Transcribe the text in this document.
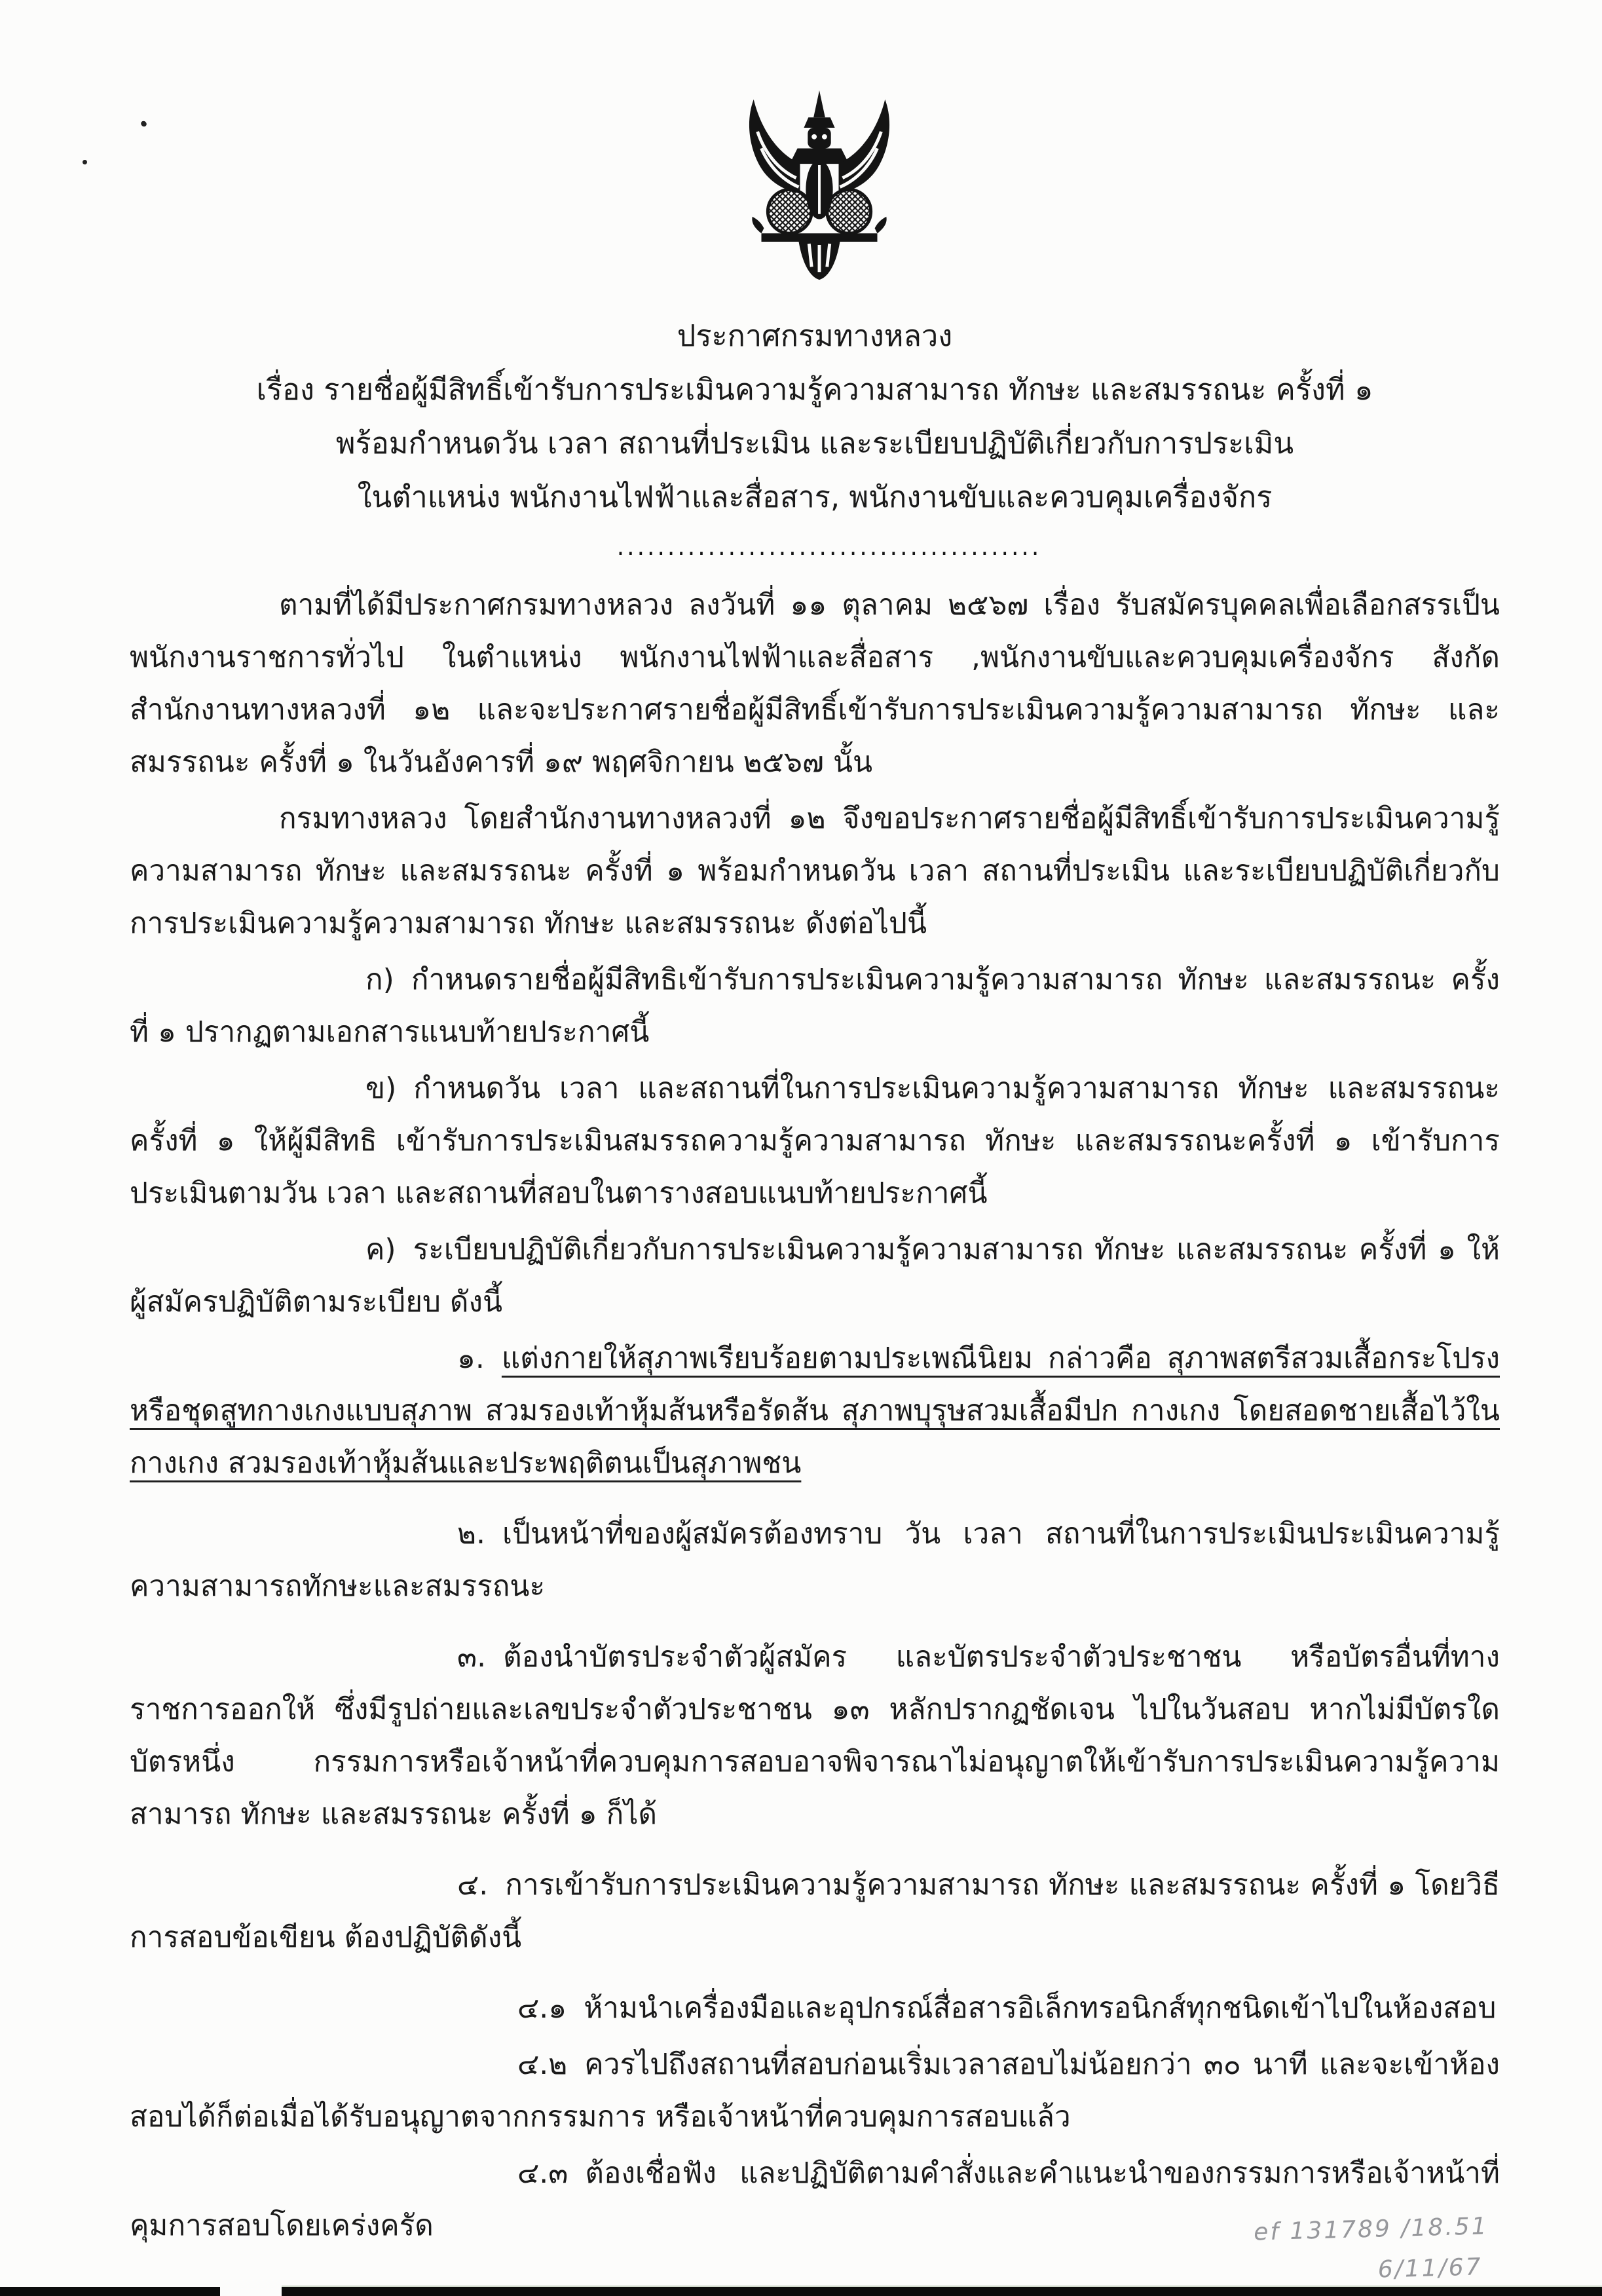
ประกาศกรมทางหลวง
เรื่อง รายชื่อผู้มีสิทธิ์เข้ารับการประเมินความรู้ความสามารถ ทักษะ และสมรรถนะ ครั้งที่ ๑
พร้อมกำหนดวัน เวลา สถานที่ประเมิน และระเบียบปฏิบัติเกี่ยวกับการประเมิน
ในตำแหน่ง พนักงานไฟฟ้าและสื่อสาร, พนักงานขับและควบคุมเครื่องจักร
..........................................

ตามที่ได้มีประกาศกรมทางหลวง ลงวันที่ ๑๑ ตุลาคม ๒๕๖๗ เรื่อง รับสมัครบุคคลเพื่อเลือกสรรเป็นพนักงานราชการทั่วไป ในตำแหน่ง พนักงานไฟฟ้าและสื่อสาร ,พนักงานขับและควบคุมเครื่องจักร สังกัดสำนักงานทางหลวงที่ ๑๒ และจะประกาศรายชื่อผู้มีสิทธิ์เข้ารับการประเมินความรู้ความสามารถ ทักษะ และสมรรถนะ ครั้งที่ ๑ ในวันอังคารที่ ๑๙ พฤศจิกายน ๒๕๖๗ นั้น

กรมทางหลวง โดยสำนักงานทางหลวงที่ ๑๒ จึงขอประกาศรายชื่อผู้มีสิทธิ์เข้ารับการประเมินความรู้ความสามารถ ทักษะ และสมรรถนะ ครั้งที่ ๑ พร้อมกำหนดวัน เวลา สถานที่ประเมิน และระเบียบปฏิบัติเกี่ยวกับการประเมินความรู้ความสามารถ ทักษะ และสมรรถนะ ดังต่อไปนี้

ก) กำหนดรายชื่อผู้มีสิทธิเข้ารับการประเมินความรู้ความสามารถ ทักษะ และสมรรถนะ ครั้งที่ ๑ ปรากฏตามเอกสารแนบท้ายประกาศนี้

ข) กำหนดวัน เวลา และสถานที่ในการประเมินความรู้ความสามารถ ทักษะ และสมรรถนะ ครั้งที่ ๑ ให้ผู้มีสิทธิ เข้ารับการประเมินสมรรถความรู้ความสามารถ ทักษะ และสมรรถนะครั้งที่ ๑ เข้ารับการประเมินตามวัน เวลา และสถานที่สอบในตารางสอบแนบท้ายประกาศนี้

ค) ระเบียบปฏิบัติเกี่ยวกับการประเมินความรู้ความสามารถ ทักษะ และสมรรถนะ ครั้งที่ ๑ ให้ผู้สมัครปฏิบัติตามระเบียบ ดังนี้

๑. แต่งกายให้สุภาพเรียบร้อยตามประเพณีนิยม กล่าวคือ สุภาพสตรีสวมเสื้อกระโปรง หรือชุดสูทกางเกงแบบสุภาพ สวมรองเท้าหุ้มส้นหรือรัดส้น สุภาพบุรุษสวมเสื้อมีปก กางเกง โดยสอดชายเสื้อไว้ในกางเกง สวมรองเท้าหุ้มส้นและประพฤติตนเป็นสุภาพชน

๒. เป็นหน้าที่ของผู้สมัครต้องทราบ วัน เวลา สถานที่ในการประเมินประเมินความรู้ความสามารถทักษะและสมรรถนะ

๓. ต้องนำบัตรประจำตัวผู้สมัคร และบัตรประจำตัวประชาชน หรือบัตรอื่นที่ทางราชการออกให้ ซึ่งมีรูปถ่ายและเลขประจำตัวประชาชน ๑๓ หลักปรากฏชัดเจน ไปในวันสอบ หากไม่มีบัตรใดบัตรหนึ่ง กรรมการหรือเจ้าหน้าที่ควบคุมการสอบอาจพิจารณาไม่อนุญาตให้เข้ารับการประเมินความรู้ความสามารถ ทักษะ และสมรรถนะ ครั้งที่ ๑ ก็ได้

๔. การเข้ารับการประเมินความรู้ความสามารถ ทักษะ และสมรรถนะ ครั้งที่ ๑ โดยวิธีการสอบข้อเขียน ต้องปฏิบัติดังนี้

๔.๑ ห้ามนำเครื่องมือและอุปกรณ์สื่อสารอิเล็กทรอนิกส์ทุกชนิดเข้าไปในห้องสอบ

๔.๒ ควรไปถึงสถานที่สอบก่อนเริ่มเวลาสอบไม่น้อยกว่า ๓๐ นาที และจะเข้าห้องสอบได้ก็ต่อเมื่อได้รับอนุญาตจากกรรมการ หรือเจ้าหน้าที่ควบคุมการสอบแล้ว

๔.๓ ต้องเชื่อฟัง และปฏิบัติตามคำสั่งและคำแนะนำของกรรมการหรือเจ้าหน้าที่คุมการสอบโดยเคร่งครัด	ef 131789 /18.51
6/11/67
